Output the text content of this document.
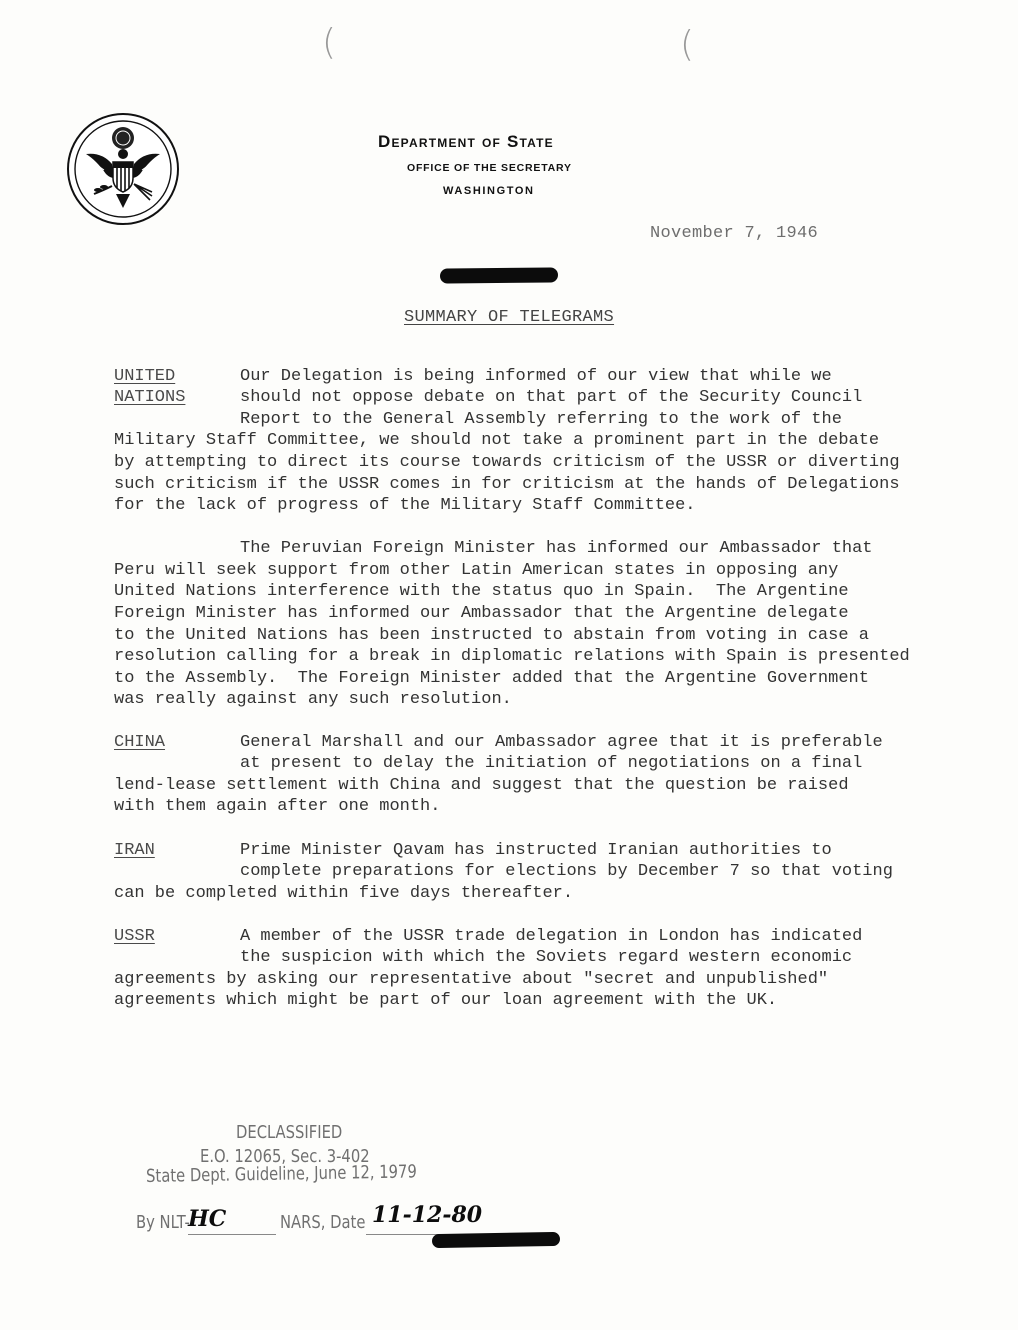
(	(
Department of State
OFFICE OF THE SECRETARY
WASHINGTON
November 7, 1946
SUMMARY OF TELEGRAMS
UNITED
NATIONS
Our Delegation is being informed of our view that while we
should not oppose debate on that part of the Security Council
Report to the General Assembly referring to the work of the
Military Staff Committee, we should not take a prominent part in the debate
by attempting to direct its course towards criticism of the USSR or diverting
such criticism if the USSR comes in for criticism at the hands of Delegations
for the lack of progress of the Military Staff Committee.
The Peruvian Foreign Minister has informed our Ambassador that
Peru will seek support from other Latin American states in opposing any
United Nations interference with the status quo in Spain.  The Argentine
Foreign Minister has informed our Ambassador that the Argentine delegate
to the United Nations has been instructed to abstain from voting in case a
resolution calling for a break in diplomatic relations with Spain is presented
to the Assembly.  The Foreign Minister added that the Argentine Government
was really against any such resolution.
CHINA	General Marshall and our Ambassador agree that it is preferable
at present to delay the initiation of negotiations on a final
lend-lease settlement with China and suggest that the question be raised
with them again after one month.
IRAN	Prime Minister Qavam has instructed Iranian authorities to
complete preparations for elections by December 7 so that voting
can be completed within five days thereafter.
USSR	A member of the USSR trade delegation in London has indicated
the suspicion with which the Soviets regard western economic
agreements by asking our representative about "secret and unpublished"
agreements which might be part of our loan agreement with the UK.
DECLASSIFIED
E.O. 12065, Sec. 3-402
State Dept. Guideline, June 12, 1979
By NLT-
HC	NARS, Date 11-12-80
